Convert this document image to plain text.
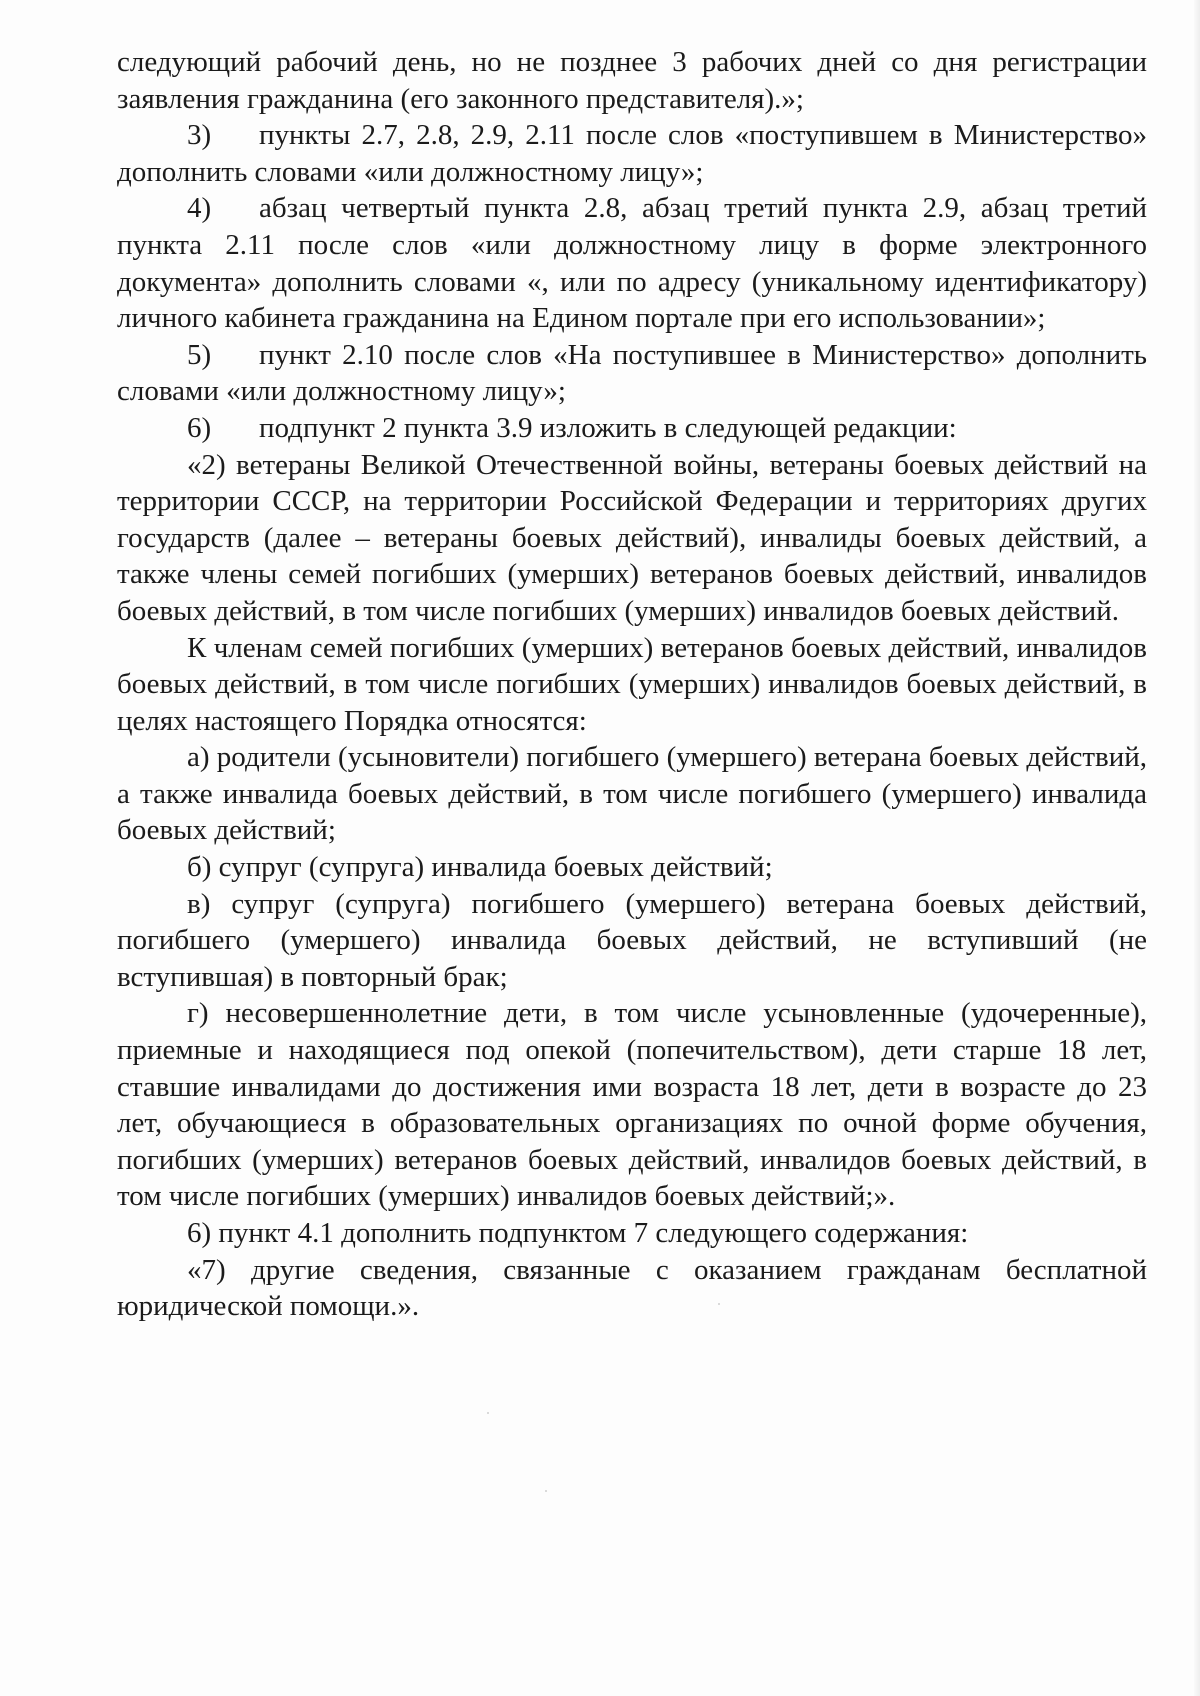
следующий рабочий день, но не позднее 3 рабочих дней со дня регистрации заявления гражданина (его законного представителя).»;

3) пункты 2.7, 2.8, 2.9, 2.11 после слов «поступившем в Министерство» дополнить словами «или должностному лицу»;

4) абзац четвертый пункта 2.8, абзац третий пункта 2.9, абзац третий пункта 2.11 после слов «или должностному лицу в форме электронного документа» дополнить словами «, или по адресу (уникальному идентификатору) личного кабинета гражданина на Едином портале при его использовании»;

5) пункт 2.10 после слов «На поступившее в Министерство» дополнить словами «или должностному лицу»;

6) подпункт 2 пункта 3.9 изложить в следующей редакции:

«2) ветераны Великой Отечественной войны, ветераны боевых действий на территории СССР, на территории Российской Федерации и территориях других государств (далее – ветераны боевых действий), инвалиды боевых действий, а также члены семей погибших (умерших) ветеранов боевых действий, инвалидов боевых действий, в том числе погибших (умерших) инвалидов боевых действий.

К членам семей погибших (умерших) ветеранов боевых действий, инвалидов боевых действий, в том числе погибших (умерших) инвалидов боевых действий, в целях настоящего Порядка относятся:

а) родители (усыновители) погибшего (умершего) ветерана боевых действий, а также инвалида боевых действий, в том числе погибшего (умершего) инвалида боевых действий;

б) супруг (супруга) инвалида боевых действий;

в) супруг (супруга) погибшего (умершего) ветерана боевых действий, погибшего (умершего) инвалида боевых действий, не вступивший (не вступившая) в повторный брак;

г) несовершеннолетние дети, в том числе усыновленные (удочеренные), приемные и находящиеся под опекой (попечительством), дети старше 18 лет, ставшие инвалидами до достижения ими возраста 18 лет, дети в возрасте до 23 лет, обучающиеся в образовательных организациях по очной форме обучения, погибших (умерших) ветеранов боевых действий, инвалидов боевых действий, в том числе погибших (умерших) инвалидов боевых действий;».

6) пункт 4.1 дополнить подпунктом 7 следующего содержания:

«7) другие сведения, связанные с оказанием гражданам бесплатной юридической помощи.».
